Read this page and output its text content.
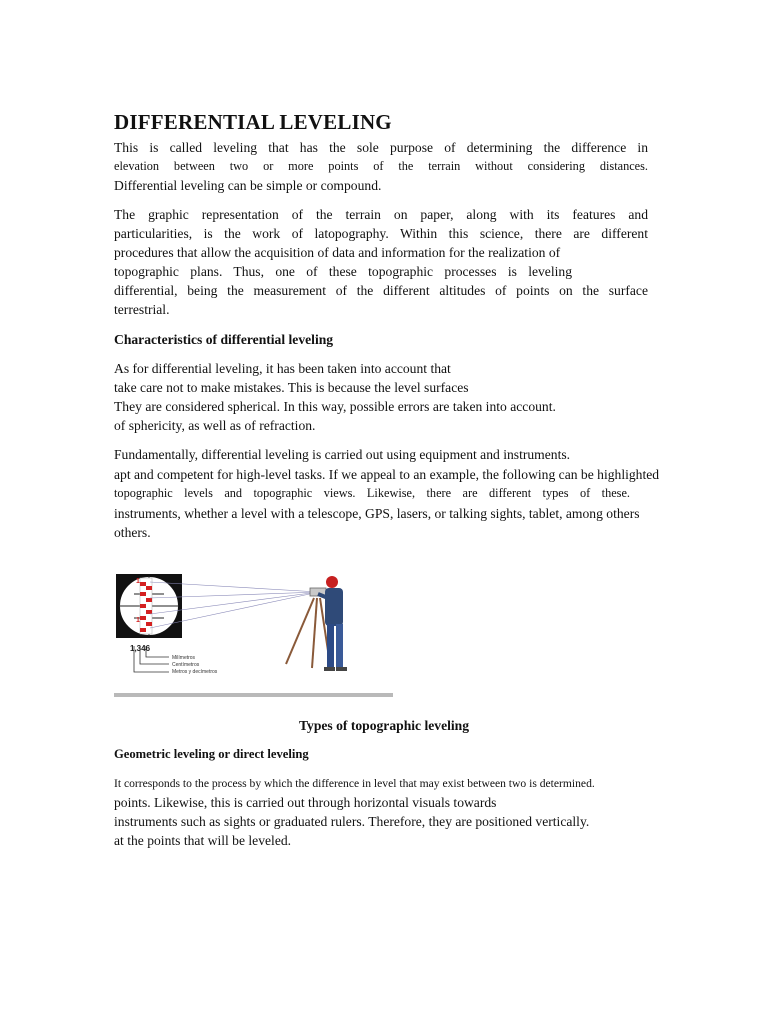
DIFFERENTIAL LEVELING

This is called leveling that has the sole purpose of determining the difference in

elevation between two or more points of the terrain without considering distances.

Differential leveling can be simple or compound.

The graphic representation of the terrain on paper, along with its features and

particularities, is the work of latopography. Within this science, there are different

procedures that allow the acquisition of data and information for the realization of

topographic plans. Thus, one of these topographic processes is leveling

differential, being the measurement of the different altitudes of points on the surface

terrestrial.

Characteristics of differential leveling

As for differential leveling, it has been taken into account that

take care not to make mistakes. This is because the level surfaces

They are considered spherical. In this way, possible errors are taken into account.

of sphericity, as well as of refraction.

Fundamentally, differential leveling is carried out using equipment and instruments.

apt and competent for high-level tasks. If we appeal to an example, the following can be highlighted

topographic levels and topographic views. Likewise, there are different types of these.

instruments, whether a level with a telescope, GPS, lasers, or talking sights, tablet, among others

others.

1
1
1,346
Milímetros
Centímetros
Metros y decímetros
Types of topographic leveling
Geometric leveling or direct leveling

It corresponds to the process by which the difference in level that may exist between two is determined.

points. Likewise, this is carried out through horizontal visuals towards

instruments such as sights or graduated rulers. Therefore, they are positioned vertically.

at the points that will be leveled.
